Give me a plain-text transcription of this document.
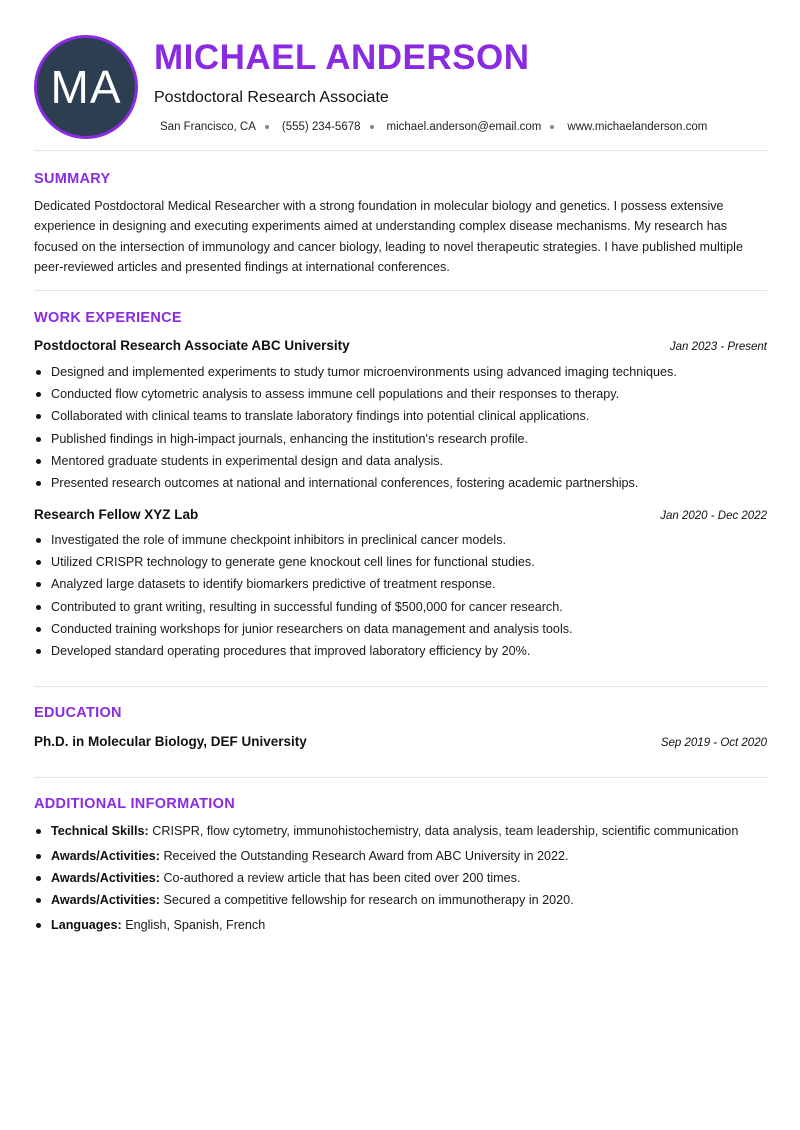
MA
MICHAEL ANDERSON
Postdoctoral Research Associate
San Francisco, CA (555) 234-5678 michael.anderson@email.com www.michaelanderson.com
SUMMARY
Dedicated Postdoctoral Medical Researcher with a strong foundation in molecular biology and genetics. I possess extensive experience in designing and executing experiments aimed at understanding complex disease mechanisms. My research has focused on the intersection of immunology and cancer biology, leading to novel therapeutic strategies. I have published multiple peer-reviewed articles and presented findings at international conferences.
WORK EXPERIENCE
Postdoctoral Research Associate ABC University	Jan 2023 - Present
Designed and implemented experiments to study tumor microenvironments using advanced imaging techniques.
Conducted flow cytometric analysis to assess immune cell populations and their responses to therapy.
Collaborated with clinical teams to translate laboratory findings into potential clinical applications.
Published findings in high-impact journals, enhancing the institution's research profile.
Mentored graduate students in experimental design and data analysis.
Presented research outcomes at national and international conferences, fostering academic partnerships.
Research Fellow XYZ Lab	Jan 2020 - Dec 2022
Investigated the role of immune checkpoint inhibitors in preclinical cancer models.
Utilized CRISPR technology to generate gene knockout cell lines for functional studies.
Analyzed large datasets to identify biomarkers predictive of treatment response.
Contributed to grant writing, resulting in successful funding of $500,000 for cancer research.
Conducted training workshops for junior researchers on data management and analysis tools.
Developed standard operating procedures that improved laboratory efficiency by 20%.
EDUCATION
Ph.D. in Molecular Biology, DEF University	Sep 2019 - Oct 2020
ADDITIONAL INFORMATION
Technical Skills: CRISPR, flow cytometry, immunohistochemistry, data analysis, team leadership, scientific communication
Awards/Activities: Received the Outstanding Research Award from ABC University in 2022.
Awards/Activities: Co-authored a review article that has been cited over 200 times.
Awards/Activities: Secured a competitive fellowship for research on immunotherapy in 2020.
Languages: English, Spanish, French
